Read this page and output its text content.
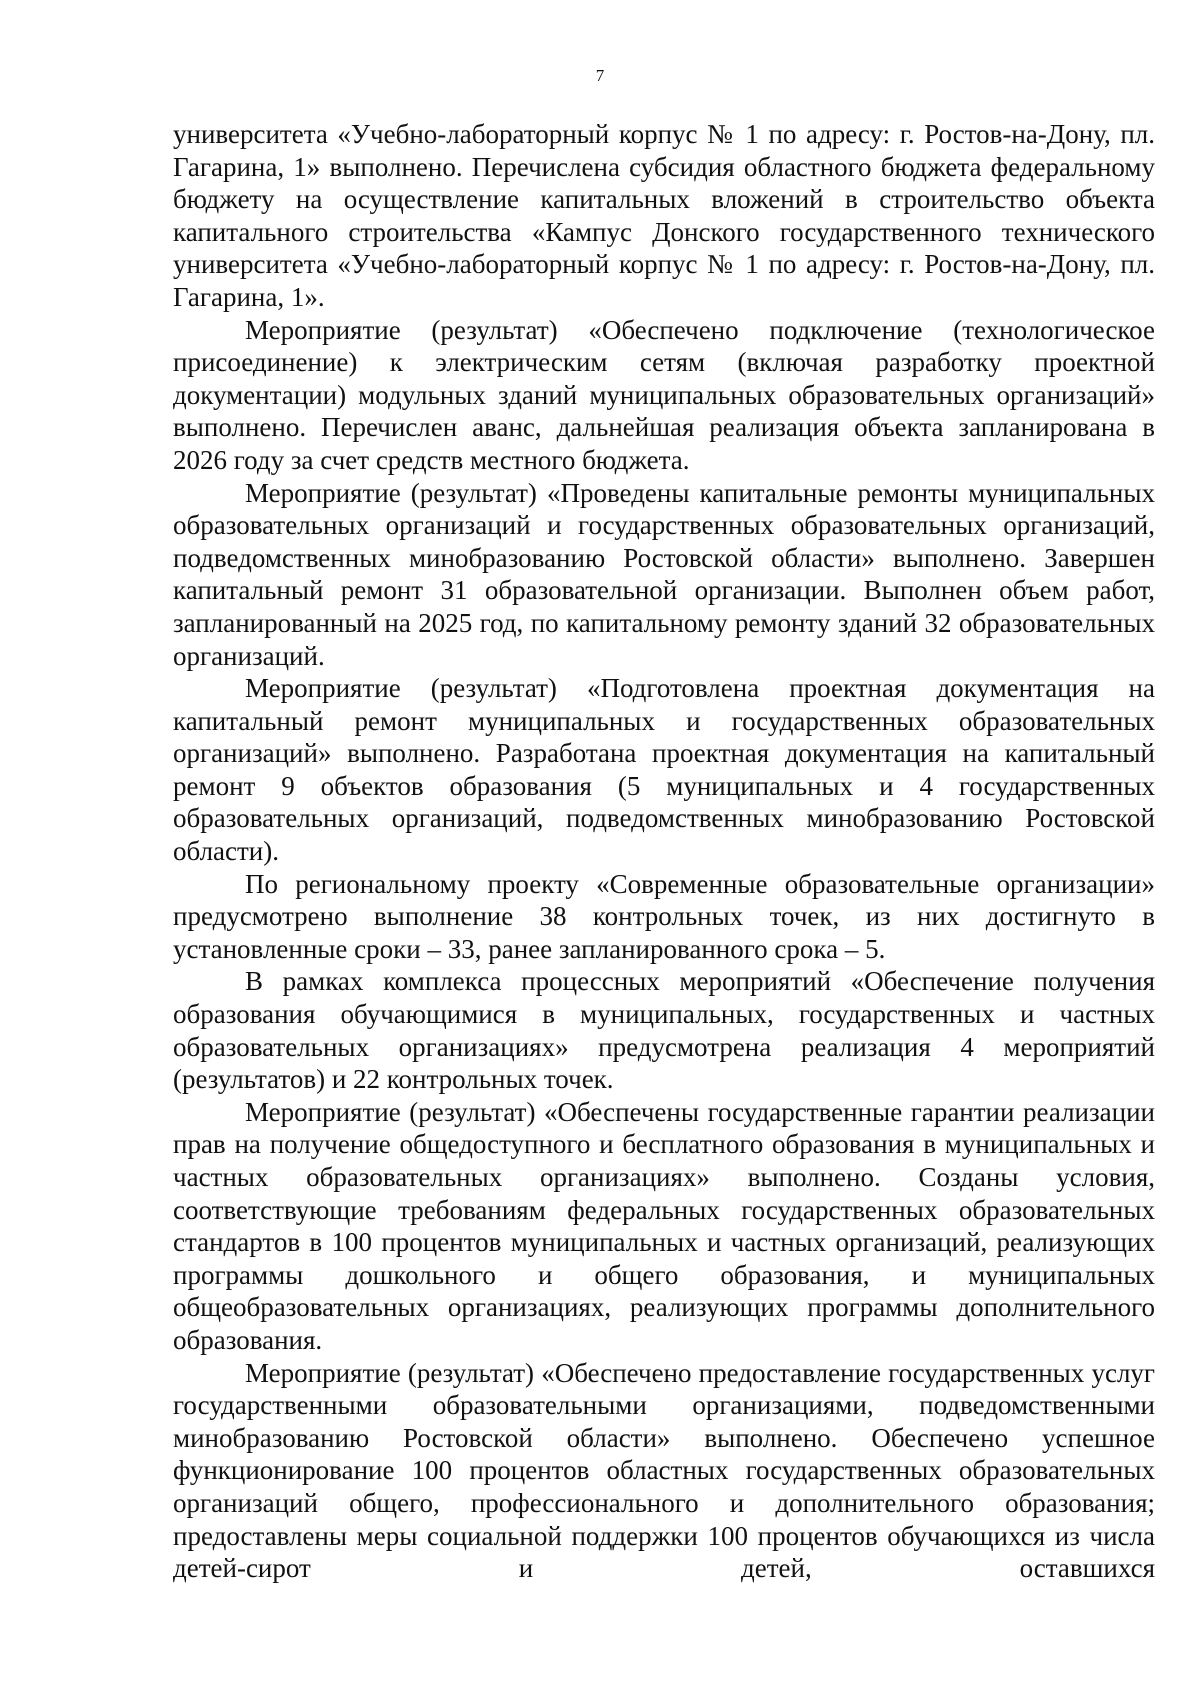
7

университета «Учебно-лабораторный корпус № 1 по адресу: г. Ростов-на-Дону, пл. Гагарина, 1» выполнено. Перечислена субсидия областного бюджета федеральному бюджету на осуществление капитальных вложений в строительство объекта капитального строительства «Кампус Донского государственного технического университета «Учебно-лабораторный корпус № 1 по адресу: г. Ростов-на-Дону, пл. Гагарина, 1».

Мероприятие (результат) «Обеспечено подключение (технологическое присоединение) к электрическим сетям (включая разработку проектной документации) модульных зданий муниципальных образовательных организаций» выполнено. Перечислен аванс, дальнейшая реализация объекта запланирована в 2026 году за счет средств местного бюджета.

Мероприятие (результат) «Проведены капитальные ремонты муниципальных образовательных организаций и государственных образовательных организаций, подведомственных минобразованию Ростовской области» выполнено. Завершен капитальный ремонт 31 образовательной организации. Выполнен объем работ, запланированный на 2025 год, по капитальному ремонту зданий 32 образовательных организаций.

Мероприятие (результат) «Подготовлена проектная документация на капитальный ремонт муниципальных и государственных образовательных организаций» выполнено. Разработана проектная документация на капитальный ремонт 9 объектов образования (5 муниципальных и 4 государственных образовательных организаций, подведомственных минобразованию Ростовской области).

По региональному проекту «Современные образовательные организации» предусмотрено выполнение 38 контрольных точек, из них достигнуто в установленные сроки – 33, ранее запланированного срока – 5.

В рамках комплекса процессных мероприятий «Обеспечение получения образования обучающимися в муниципальных, государственных и частных образовательных организациях» предусмотрена реализация 4 мероприятий (результатов) и 22 контрольных точек.

Мероприятие (результат) «Обеспечены государственные гарантии реализации прав на получение общедоступного и бесплатного образования в муниципальных и частных образовательных организациях» выполнено. Созданы условия, соответствующие требованиям федеральных государственных образовательных стандартов в 100 процентов муниципальных и частных организаций, реализующих программы дошкольного и общего образования, и муниципальных общеобразовательных организациях, реализующих программы дополнительного образования.

Мероприятие (результат) «Обеспечено предоставление государственных услуг государственными образовательными организациями, подведомственными минобразованию Ростовской области» выполнено. Обеспечено успешное функционирование 100 процентов областных государственных образовательных организаций общего, профессионального и дополнительного образования; предоставлены меры социальной поддержки 100 процентов обучающихся из числа детей-сирот и детей, оставшихся
